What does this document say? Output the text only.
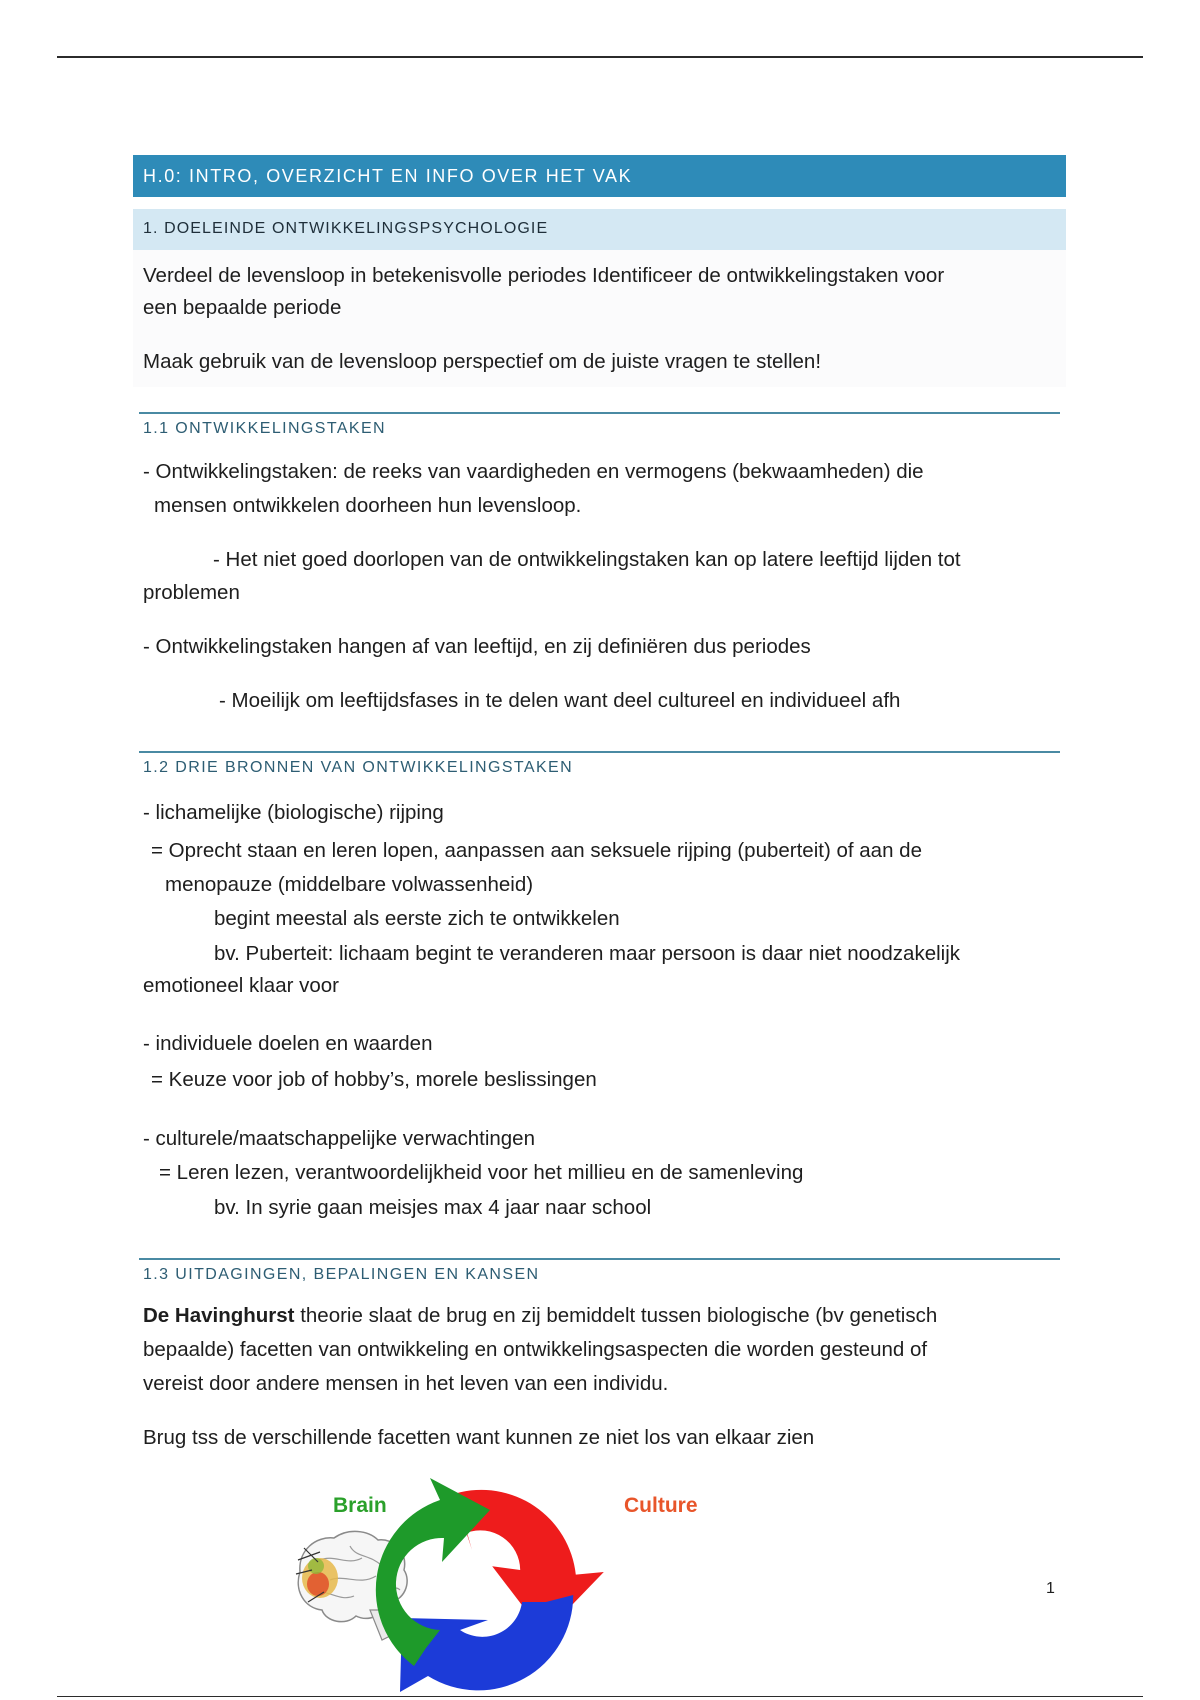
H.0: INTRO, OVERZICHT EN INFO OVER HET VAK
1. DOELEINDE ONTWIKKELINGSPSYCHOLOGIE
Verdeel de levensloop in betekenisvolle periodes Identificeer de ontwikkelingstaken voor
een bepaalde periode
Maak gebruik van de levensloop perspectief om de juiste vragen te stellen!
1.1 ONTWIKKELINGSTAKEN
- Ontwikkelingstaken: de reeks van vaardigheden en vermogens (bekwaamheden) die
mensen ontwikkelen doorheen hun levensloop.
- Het niet goed doorlopen van de ontwikkelingstaken kan op latere leeftijd lijden tot
problemen
- Ontwikkelingstaken hangen af van leeftijd, en zij definiëren dus periodes
- Moeilijk om leeftijdsfases in te delen want deel cultureel en individueel afh
1.2 DRIE BRONNEN VAN ONTWIKKELINGSTAKEN
- lichamelijke (biologische) rijping
= Oprecht staan en leren lopen, aanpassen aan seksuele rijping (puberteit) of aan de
menopauze (middelbare volwassenheid)
begint meestal als eerste zich te ontwikkelen
bv. Puberteit: lichaam begint te veranderen maar persoon is daar niet noodzakelijk
emotioneel klaar voor
- individuele doelen en waarden
= Keuze voor job of hobby’s, morele beslissingen
- culturele/maatschappelijke verwachtingen
= Leren lezen, verantwoordelijkheid voor het millieu en de samenleving
bv. In syrie gaan meisjes max 4 jaar naar school
1.3 UITDAGINGEN, BEPALINGEN EN KANSEN
De Havinghurst theorie slaat de brug en zij bemiddelt tussen biologische (bv genetisch
bepaalde) facetten van ontwikkeling en ontwikkelingsaspecten die worden gesteund of
vereist door andere mensen in het leven van een individu.
Brug tss de verschillende facetten want kunnen ze niet los van elkaar zien
Brain	Culture
1
